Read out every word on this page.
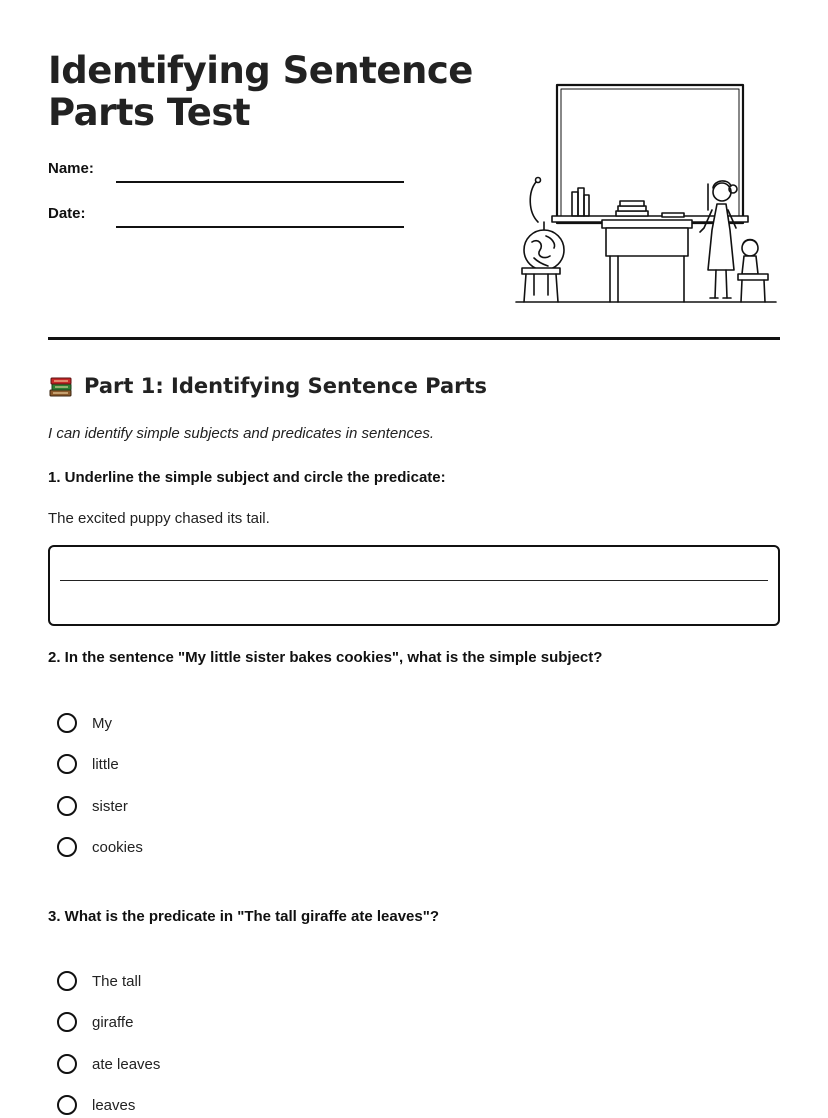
Identifying Sentence
Parts Test
Name:
Date:
Part 1: Identifying Sentence Parts
I can identify simple subjects and predicates in sentences.
1. Underline the simple subject and circle the predicate:
The excited puppy chased its tail.
2. In the sentence "My little sister bakes cookies", what is the simple subject?
My
little
sister
cookies
3. What is the predicate in "The tall giraffe ate leaves"?
The tall
giraffe
ate leaves
leaves
